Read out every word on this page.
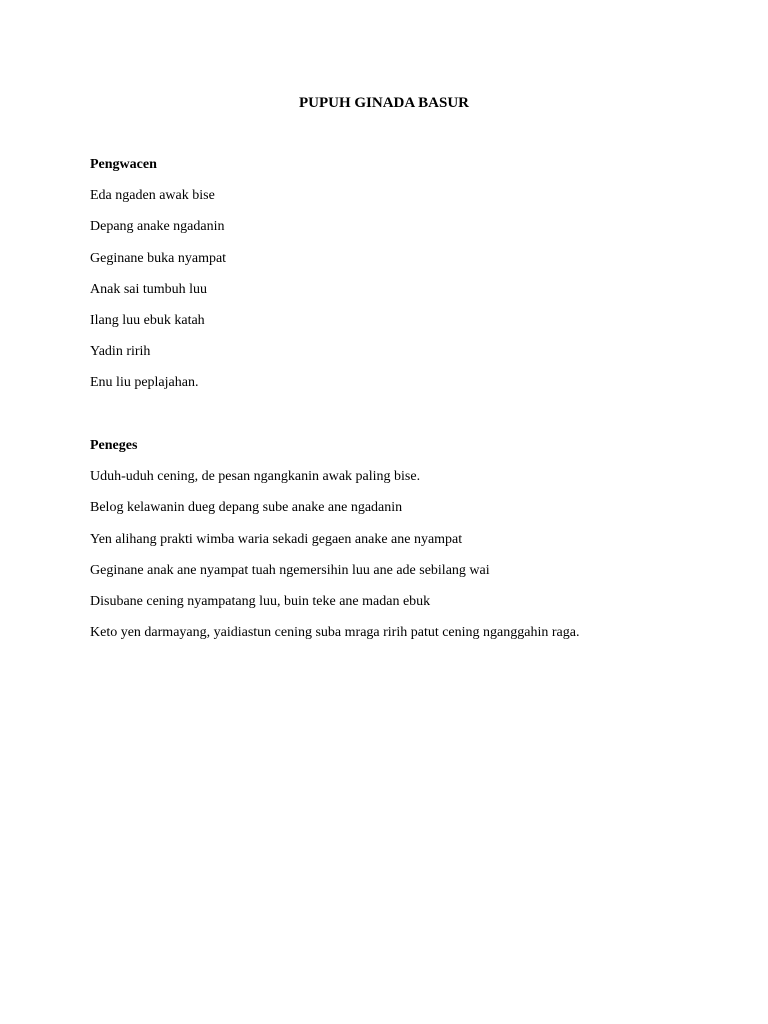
PUPUH GINADA BASUR

Pengwacen

Eda ngaden awak bise

Depang anake ngadanin

Geginane buka nyampat

Anak sai tumbuh luu

Ilang luu ebuk katah

Yadin ririh

Enu liu peplajahan.

Peneges

Uduh-uduh cening, de pesan ngangkanin awak paling bise.

Belog kelawanin dueg depang sube anake ane ngadanin

Yen alihang prakti wimba waria sekadi gegaen anake ane nyampat

Geginane anak ane nyampat tuah ngemersihin luu ane ade sebilang wai

Disubane cening nyampatang luu, buin teke ane madan ebuk

Keto yen darmayang, yaidiastun cening suba mraga ririh patut cening nganggahin raga.
